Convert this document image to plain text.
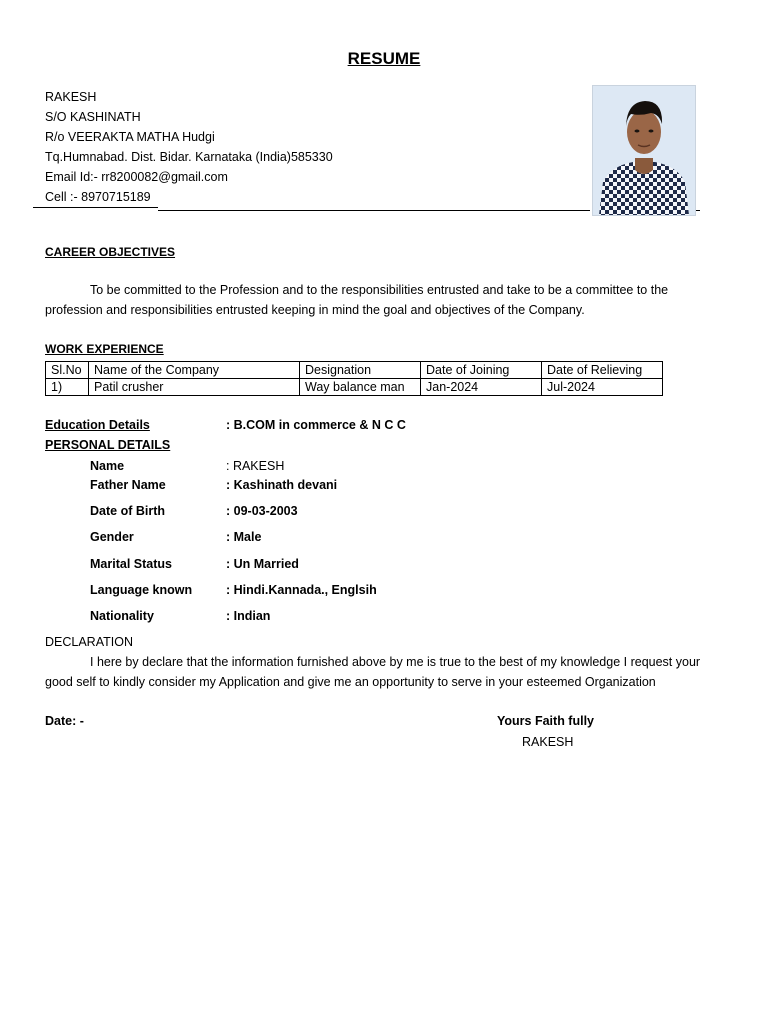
RESUME
RAKESH
S/O KASHINATH
R/o VEERAKTA MATHA Hudgi
Tq.Humnabad. Dist. Bidar. Karnataka (India)585330
Email Id:- rr8200082@gmail.com
Cell :- 8970715189
CAREER OBJECTIVES
To be committed to the Profession and to the responsibilities entrusted and take to be a committee to the profession and responsibilities entrusted keeping in mind the goal and objectives of the Company.
WORK EXPERIENCE
Sl.No	Name of the Company	Designation	Date of Joining	Date of Relieving
1)	Patil crusher	Way balance man	Jan-2024	Jul-2024
Education Details	: B.COM in commerce & N C C
PERSONAL DETAILS
Name	: RAKESH
Father Name	: Kashinath devani
Date of Birth	: 09-03-2003
Gender	: Male
Marital Status	: Un Married
Language known	: Hindi.Kannada., Englsih
Nationality	: Indian
DECLARATION
I here by declare that the information furnished above by me is true to the best of my knowledge I request your good self to kindly consider my Application and give me an opportunity to serve in your esteemed Organization
Date: -	Yours Faith fully
RAKESH
